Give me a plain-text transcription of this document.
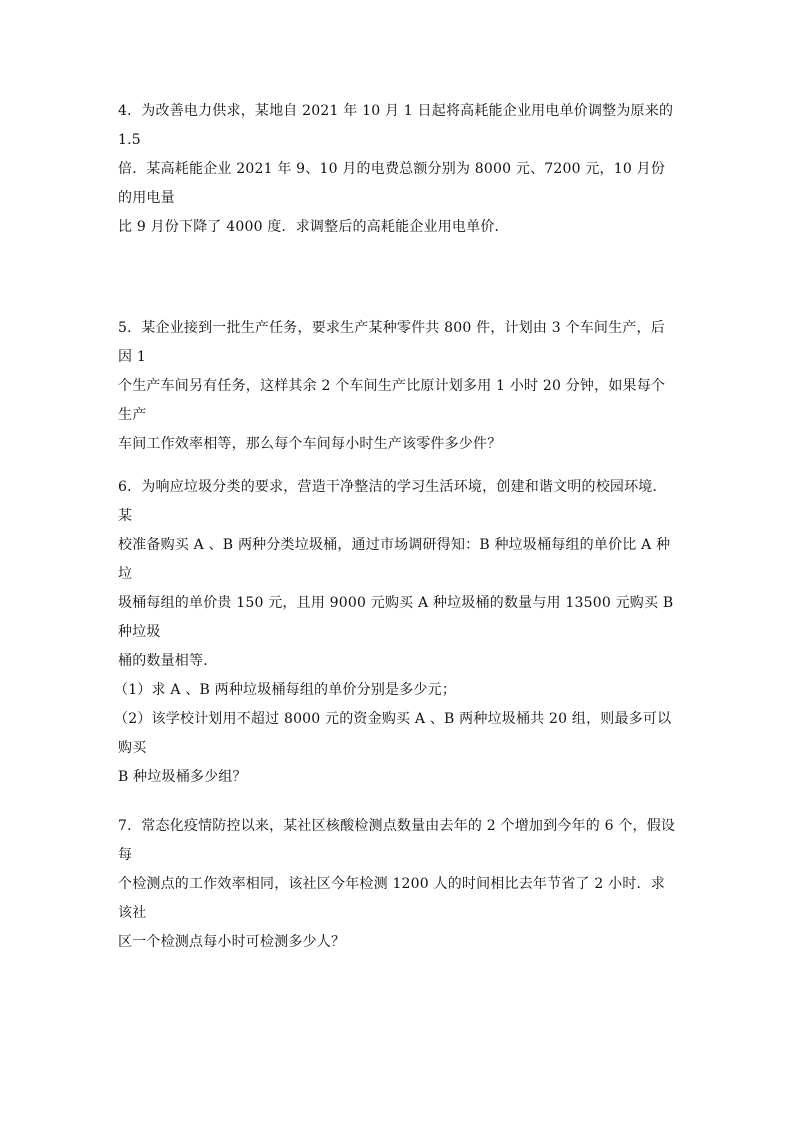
4．为改善电力供求，某地自 2021 年 10 月 1 日起将高耗能企业用电单价调整为原来的 1.5

倍．某高耗能企业 2021 年 9、10 月的电费总额分别为 8000 元、7200 元，10 月份的用电量

比 9 月份下降了 4000 度．求调整后的高耗能企业用电单价．

5．某企业接到一批生产任务，要求生产某种零件共 800 件，计划由 3 个车间生产，后因 1

个生产车间另有任务，这样其余 2 个车间生产比原计划多用 1 小时 20 分钟，如果每个生产

车间工作效率相等，那么每个车间每小时生产该零件多少件？

6．为响应垃圾分类的要求，营造干净整洁的学习生活环境，创建和谐文明的校园环境．某

校准备购买 A 、B 两种分类垃圾桶，通过市场调研得知：B 种垃圾桶每组的单价比 A 种垃

圾桶每组的单价贵 150 元，且用 9000 元购买 A 种垃圾桶的数量与用 13500 元购买 B 种垃圾

桶的数量相等．

（1）求 A 、B 两种垃圾桶每组的单价分别是多少元；

（2）该学校计划用不超过 8000 元的资金购买 A 、B 两种垃圾桶共 20 组，则最多可以购买

B 种垃圾桶多少组？

7．常态化疫情防控以来，某社区核酸检测点数量由去年的 2 个增加到今年的 6 个，假设每

个检测点的工作效率相同，该社区今年检测 1200 人的时间相比去年节省了 2 小时．求该社

区一个检测点每小时可检测多少人？
